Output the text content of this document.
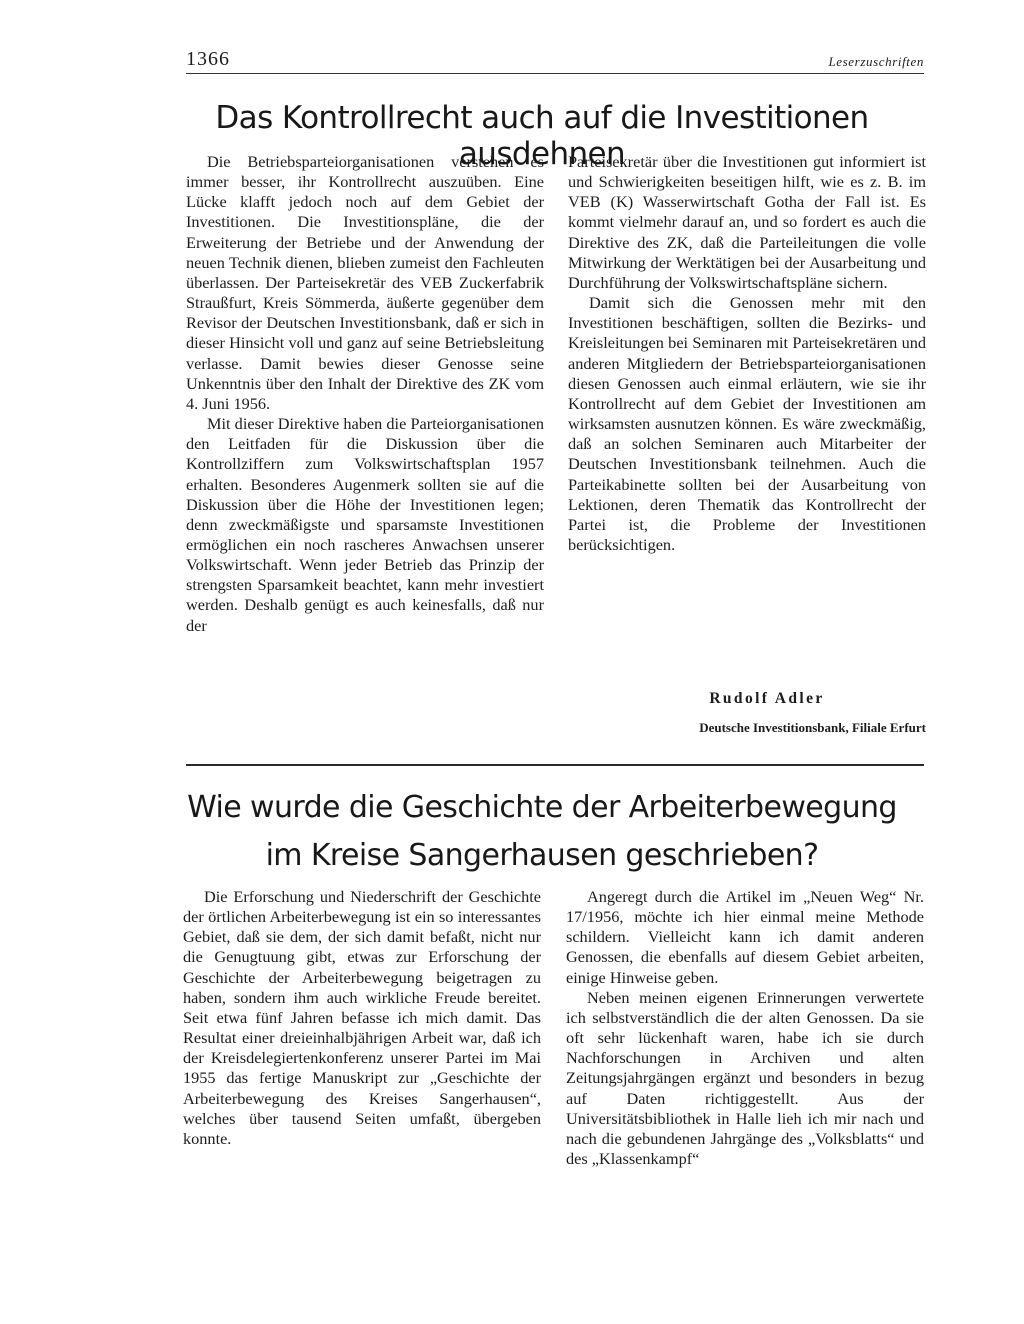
1366	Leserzuschriften
Das Kontrollrecht auch auf die Investitionen ausdehnen

Die Betriebsparteiorganisationen verstehen es immer besser, ihr Kontrollrecht auszuüben. Eine Lücke klafft jedoch noch auf dem Gebiet der Investitionen. Die Investitionspläne, die der Erweiterung der Betriebe und der Anwendung der neuen Technik dienen, blieben zumeist den Fachleuten überlassen. Der Parteisekretär des VEB Zuckerfabrik Straußfurt, Kreis Sömmerda, äußerte gegenüber dem Revisor der Deutschen Investitionsbank, daß er sich in dieser Hinsicht voll und ganz auf seine Betriebsleitung verlasse. Damit bewies dieser Genosse seine Unkenntnis über den Inhalt der Direktive des ZK vom 4. Juni 1956.

Mit dieser Direktive haben die Parteiorganisationen den Leitfaden für die Diskussion über die Kontrollziffern zum Volkswirtschaftsplan 1957 erhalten. Besonderes Augenmerk sollten sie auf die Diskussion über die Höhe der Investitionen legen; denn zweckmäßigste und sparsamste Investitionen ermöglichen ein noch rascheres Anwachsen unserer Volkswirtschaft. Wenn jeder Betrieb das Prinzip der strengsten Sparsamkeit beachtet, kann mehr investiert werden. Deshalb genügt es auch keinesfalls, daß nur der

Parteisekretär über die Investitionen gut informiert ist und Schwierigkeiten beseitigen hilft, wie es z. B. im VEB (K) Wasserwirtschaft Gotha der Fall ist. Es kommt vielmehr darauf an, und so fordert es auch die Direktive des ZK, daß die Parteileitungen die volle Mitwirkung der Werktätigen bei der Ausarbeitung und Durchführung der Volkswirtschaftspläne sichern.

Damit sich die Genossen mehr mit den Investitionen beschäftigen, sollten die Bezirks- und Kreisleitungen bei Seminaren mit Parteisekretären und anderen Mitgliedern der Betriebsparteiorganisationen diesen Genossen auch einmal erläutern, wie sie ihr Kontrollrecht auf dem Gebiet der Investitionen am wirksamsten ausnutzen können. Es wäre zweckmäßig, daß an solchen Seminaren auch Mitarbeiter der Deutschen Investitionsbank teilnehmen. Auch die Parteikabinette sollten bei der Ausarbeitung von Lektionen, deren Thematik das Kontrollrecht der Partei ist, die Probleme der Investitionen berücksichtigen.

Rudolf Adler
Deutsche Investitionsbank, Filiale Erfurt
Wie wurde die Geschichte der Arbeiterbewegung
im Kreise Sangerhausen geschrieben?

Die Erforschung und Niederschrift der Geschichte der örtlichen Arbeiterbewegung ist ein so interessantes Gebiet, daß sie dem, der sich damit befaßt, nicht nur die Genugtuung gibt, etwas zur Erforschung der Geschichte der Arbeiterbewegung beigetragen zu haben, sondern ihm auch wirkliche Freude bereitet. Seit etwa fünf Jahren befasse ich mich damit. Das Resultat einer dreieinhalbjährigen Arbeit war, daß ich der Kreisdelegiertenkonferenz unserer Partei im Mai 1955 das fertige Manuskript zur „Geschichte der Arbeiterbewegung des Kreises Sangerhausen“, welches über tausend Seiten umfaßt, übergeben konnte.

Angeregt durch die Artikel im „Neuen Weg“ Nr. 17/1956, möchte ich hier einmal meine Methode schildern. Vielleicht kann ich damit anderen Genossen, die ebenfalls auf diesem Gebiet arbeiten, einige Hinweise geben.

Neben meinen eigenen Erinnerungen verwertete ich selbstverständlich die der alten Genossen. Da sie oft sehr lückenhaft waren, habe ich sie durch Nachforschungen in Archiven und alten Zeitungsjahrgängen ergänzt und besonders in bezug auf Daten richtiggestellt. Aus der Universitätsbibliothek in Halle lieh ich mir nach und nach die gebundenen Jahrgänge des „Volksblatts“ und des „Klassenkampf“
